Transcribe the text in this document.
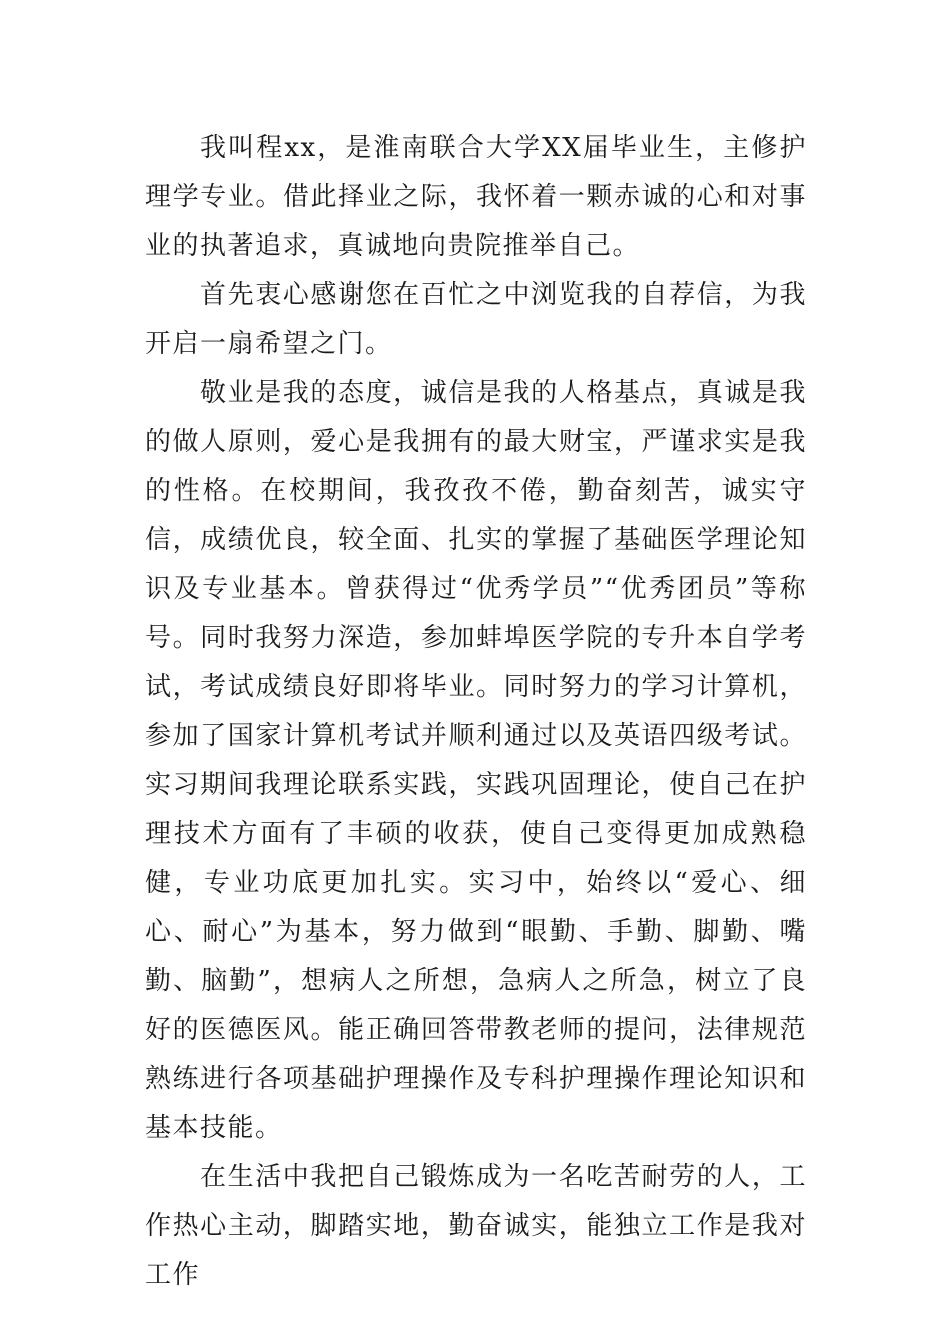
我叫程xx，是淮南联合大学XX届毕业生，主修护理学专业。借此择业之际，我怀着一颗赤诚的心和对事业的执著追求，真诚地向贵院推举自己。

首先衷心感谢您在百忙之中浏览我的自荐信，为我开启一扇希望之门。

敬业是我的态度，诚信是我的人格基点，真诚是我的做人原则，爱心是我拥有的最大财宝，严谨求实是我的性格。在校期间，我孜孜不倦，勤奋刻苦，诚实守信，成绩优良，较全面、扎实的掌握了基础医学理论知识及专业基本。曾获得过“优秀学员”“优秀团员”等称号。同时我努力深造，参加蚌埠医学院的专升本自学考试，考试成绩良好即将毕业。同时努力的学习计算机，参加了国家计算机考试并顺利通过以及英语四级考试。实习期间我理论联系实践，实践巩固理论，使自己在护理技术方面有了丰硕的收获，使自己变得更加成熟稳健，专业功底更加扎实。实习中，始终以“爱心、细心、耐心”为基本，努力做到“眼勤、手勤、脚勤、嘴勤、脑勤”，想病人之所想，急病人之所急，树立了良好的医德医风。能正确回答带教老师的提问，法律规范熟练进行各项基础护理操作及专科护理操作理论知识和基本技能。

在生活中我把自己锻炼成为一名吃苦耐劳的人，工作热心主动，脚踏实地，勤奋诚实，能独立工作是我对工作
